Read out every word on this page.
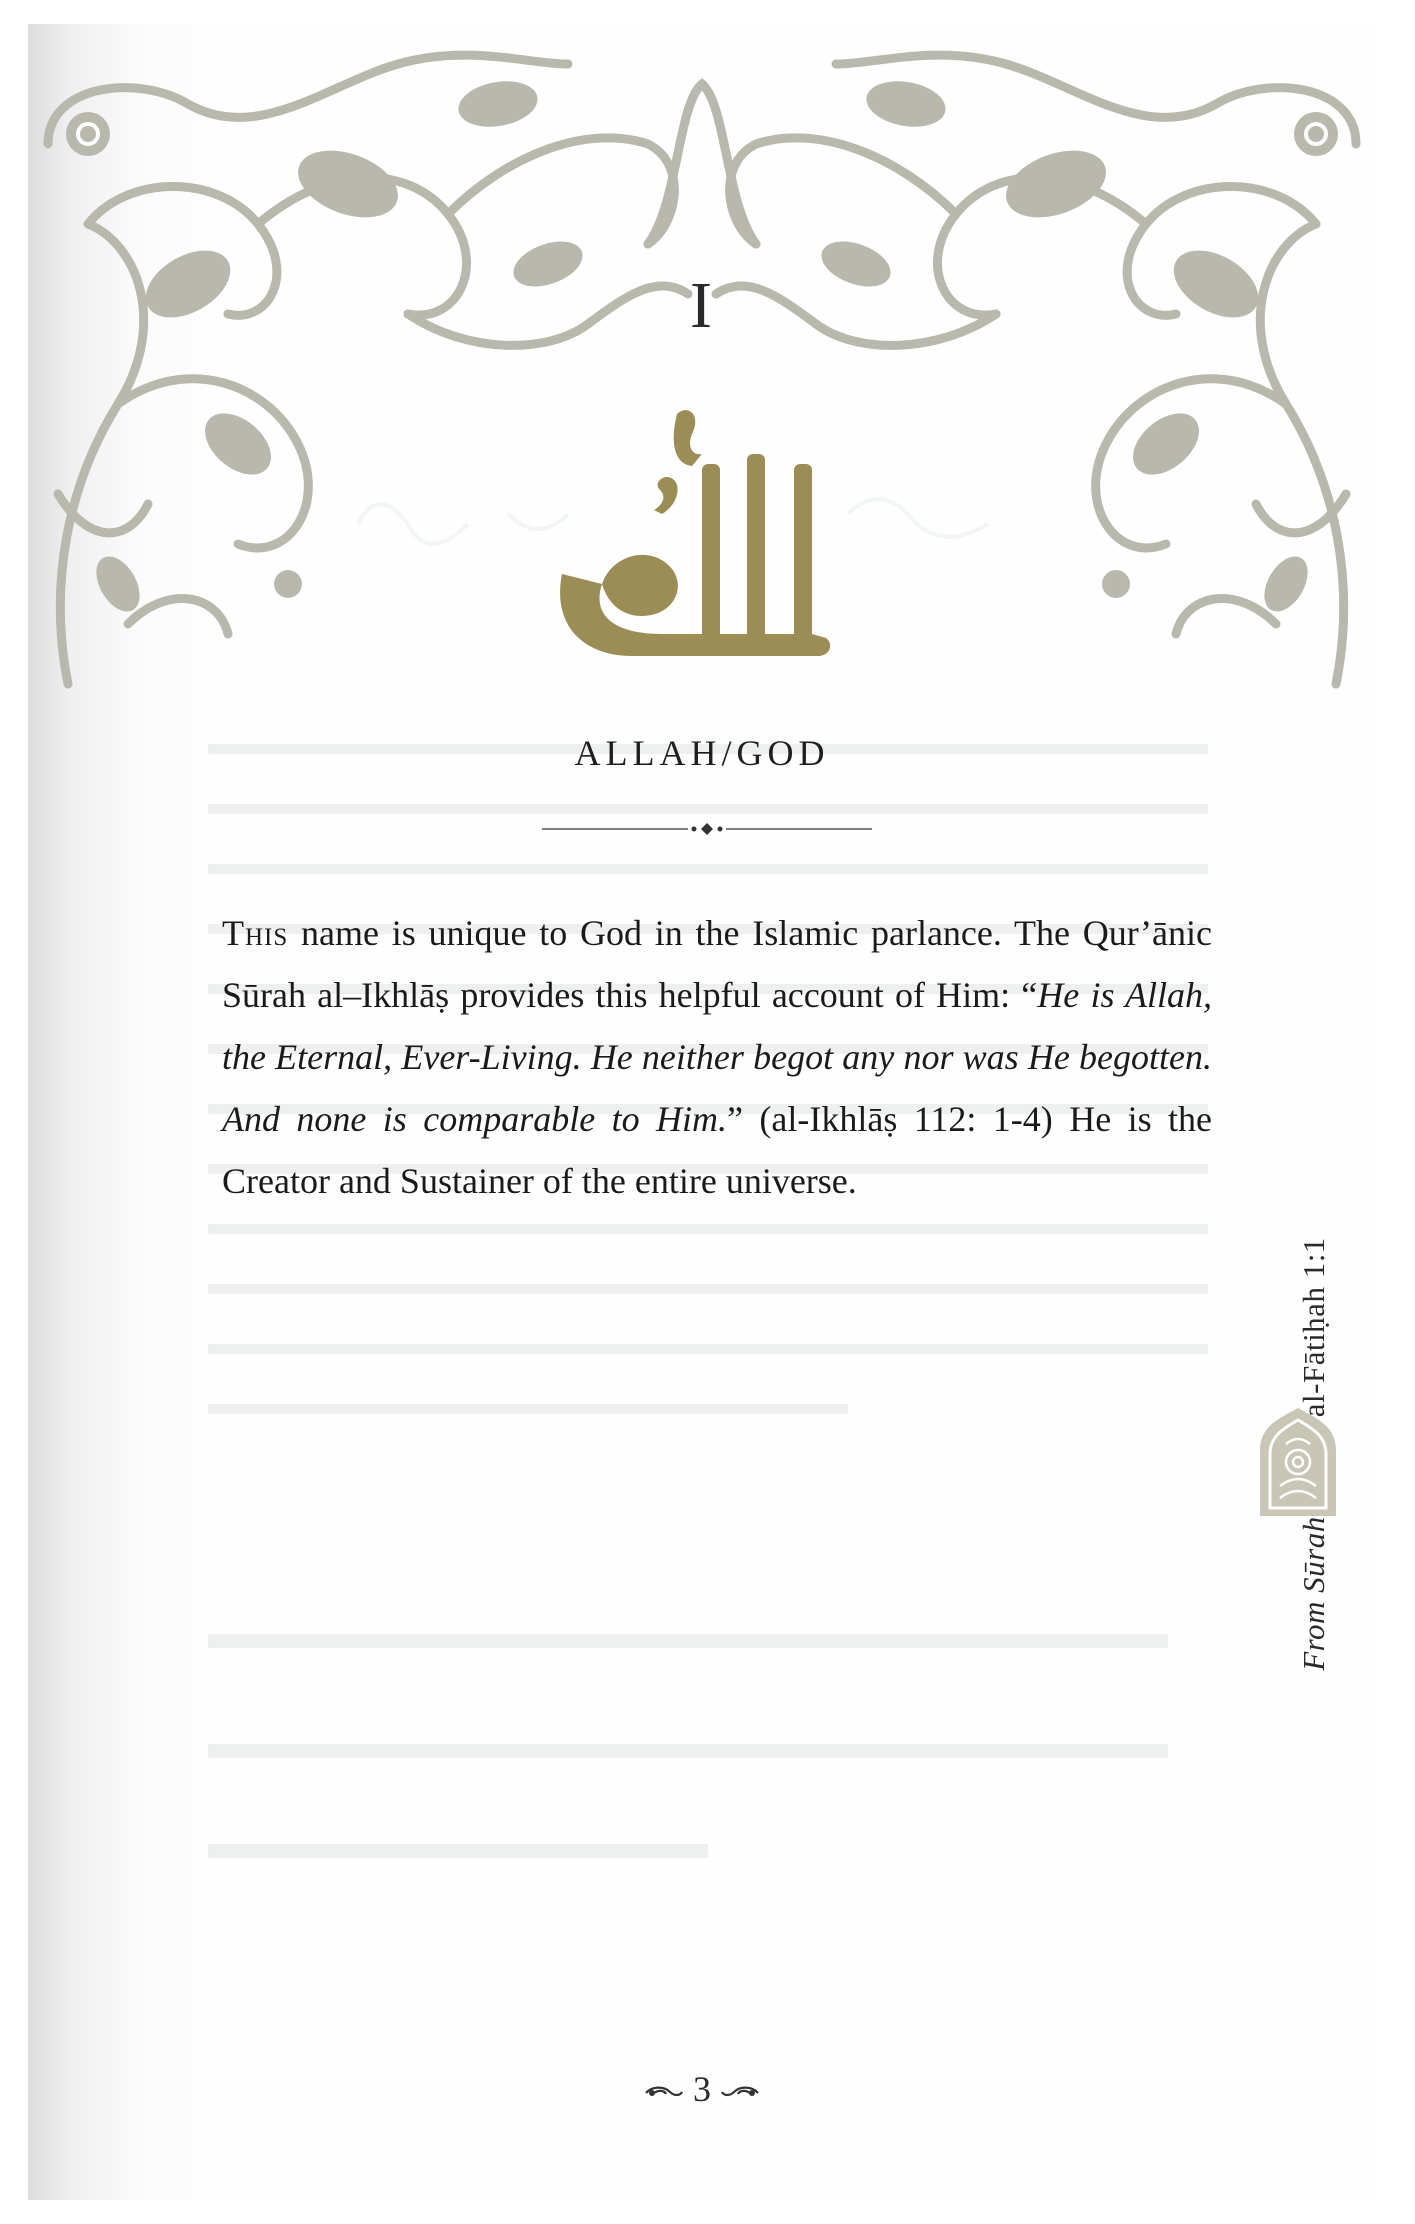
I
ALLAH/GOD
This name is unique to God in the Islamic parlance. The Qur’ānic Sūrah al–Ikhlāṣ provides this helpful account of Him: “He is Allah, the Eternal, Ever-Living. He neither begot any nor was He begotten. And none is comparable to Him.” (al-Ikhlāṣ 112: 1-4) He is the Creator and Sustainer of the entire universe.
From Sūrah            al-Fātiḥah 1:1
3
